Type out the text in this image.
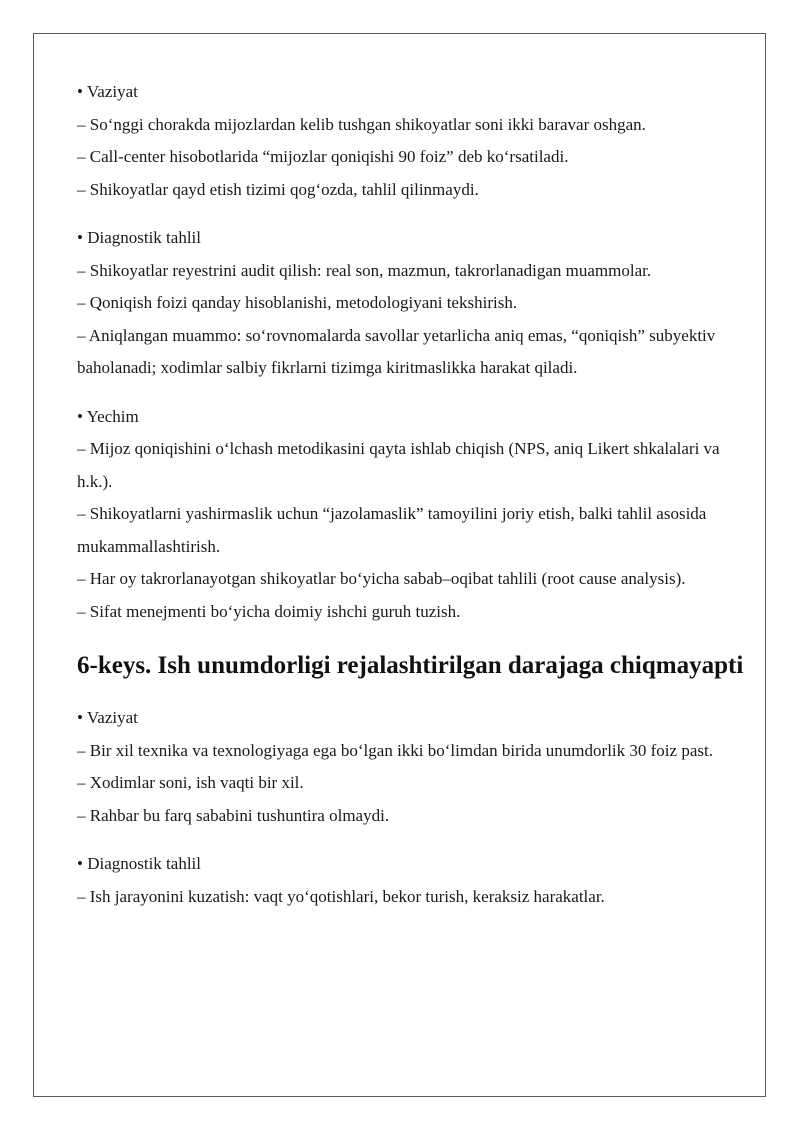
• Vaziyat
– So‘nggi chorakda mijozlardan kelib tushgan shikoyatlar soni ikki baravar oshgan.
– Call-center hisobotlarida “mijozlar qoniqishi 90 foiz” deb ko‘rsatiladi.
– Shikoyatlar qayd etish tizimi qog‘ozda, tahlil qilinmaydi.
• Diagnostik tahlil
– Shikoyatlar reyestrini audit qilish: real son, mazmun, takrorlanadigan muammolar.
– Qoniqish foizi qanday hisoblanishi, metodologiyani tekshirish.
– Aniqlangan muammo: so‘rovnomalarda savollar yetarlicha aniq emas, “qoniqish” subyektiv baholanadi; xodimlar salbiy fikrlarni tizimga kiritmaslikka harakat qiladi.
• Yechim
– Mijoz qoniqishini o‘lchash metodikasini qayta ishlab chiqish (NPS, aniq Likert shkalalari va h.k.).
– Shikoyatlarni yashirmaslik uchun “jazolamaslik” tamoyilini joriy etish, balki tahlil asosida mukammallashtirish.
– Har oy takrorlanayotgan shikoyatlar bo‘yicha sabab–oqibat tahlili (root cause analysis).
– Sifat menejmenti bo‘yicha doimiy ishchi guruh tuzish.
6-keys. Ish unumdorligi rejalashtirilgan darajaga chiqmayapti
• Vaziyat
– Bir xil texnika va texnologiyaga ega bo‘lgan ikki bo‘limdan birida unumdorlik 30 foiz past.
– Xodimlar soni, ish vaqti bir xil.
– Rahbar bu farq sababini tushuntira olmaydi.
• Diagnostik tahlil
– Ish jarayonini kuzatish: vaqt yo‘qotishlari, bekor turish, keraksiz harakatlar.
